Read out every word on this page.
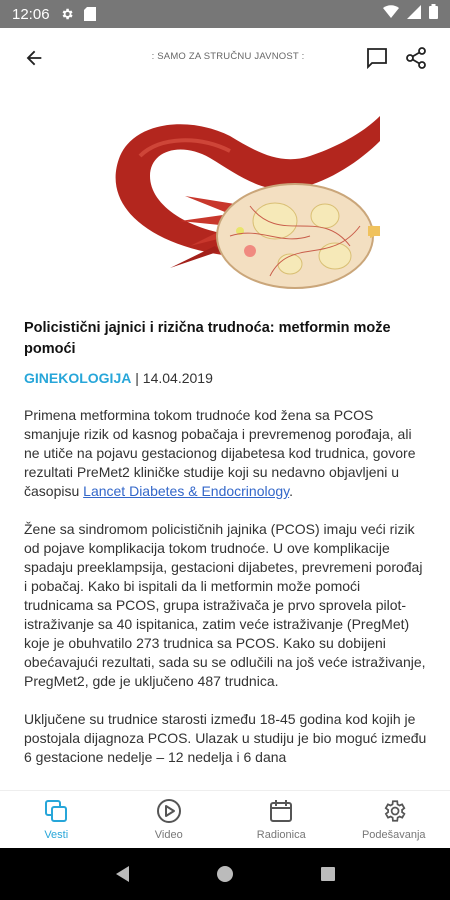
12:06
: SAMO ZA STRUČNU JAVNOST :
Policistični jajnici i rizična trudnoća: metformin može pomoći
GINEKOLOGIJA | 14.04.2019

Primena metformina tokom trudnoće kod žena sa PCOS smanjuje rizik od kasnog pobačaja i prevremenog porođaja, ali ne utiče na pojavu gestacionog dijabetesa kod trudnica, govore rezultati PreMet2 kliničke studije koji su nedavno objavljeni u časopisu Lancet Diabetes & Endocrinology.

Žene sa sindromom policističnih jajnika (PCOS) imaju veći rizik od pojave komplikacija tokom trudnoće. U ove komplikacije spadaju preeklampsija, gestacioni dijabetes, prevremeni porođaj i pobačaj. Kako bi ispitali da li metformin može pomoći trudnicama sa PCOS, grupa istraživača je prvo sprovela pilot-istraživanje sa 40 ispitanica, zatim veće istraživanje (PregMet) koje je obuhvatilo 273 trudnica sa PCOS. Kako su dobijeni obećavajući rezultati, sada su se odlučili na još veće istraživanje, PregMet2, gde je uključeno 487 trudnica.

Uključene su trudnice starosti između 18-45 godina kod kojih je postojala dijagnoza PCOS. Ulazak u studiju je bio moguć između 6 gestacione nedelje – 12 nedelja i 6 dana

Vesti	Video	Radionica	Podešavanja
